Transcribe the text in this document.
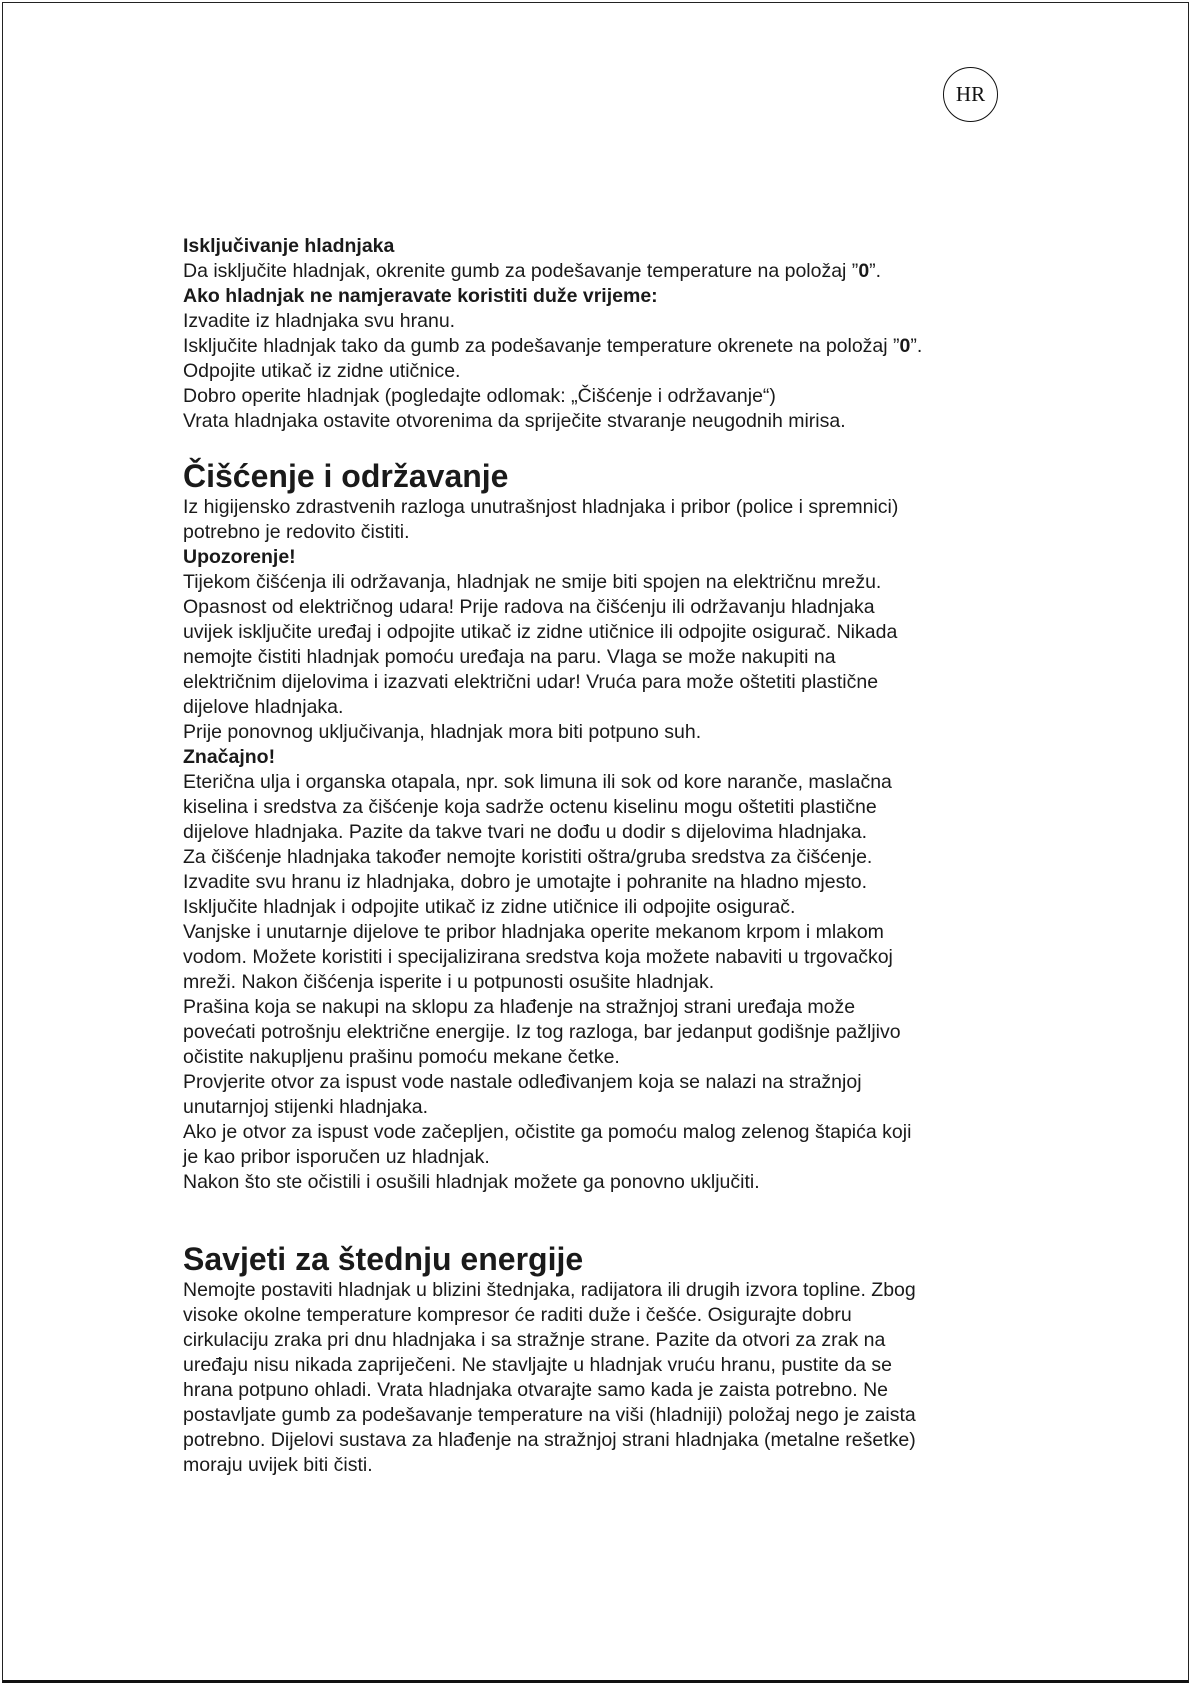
HR
Isključivanje hladnjaka
Da isključite hladnjak, okrenite gumb za podešavanje temperature na položaj ”0”.
Ako hladnjak ne namjeravate koristiti duže vrijeme:
Izvadite iz hladnjaka svu hranu.
Isključite hladnjak tako da gumb za podešavanje temperature okrenete na položaj ”0”.
Odpojite utikač iz zidne utičnice.
Dobro operite hladnjak (pogledajte odlomak: „Čišćenje i održavanje“)
Vrata hladnjaka ostavite otvorenima da spriječite stvaranje neugodnih mirisa.
Čišćenje i održavanje
Iz higijensko zdrastvenih razloga unutrašnjost hladnjaka i pribor (police i spremnici)
potrebno je redovito čistiti.
Upozorenje!
Tijekom čišćenja ili održavanja, hladnjak ne smije biti spojen na električnu mrežu.
Opasnost od električnog udara! Prije radova na čišćenju ili održavanju hladnjaka
uvijek isključite uređaj i odpojite utikač iz zidne utičnice ili odpojite osigurač. Nikada
nemojte čistiti hladnjak pomoću uređaja na paru. Vlaga se može nakupiti na
električnim dijelovima i izazvati električni udar! Vruća para može oštetiti plastične
dijelove hladnjaka.
Prije ponovnog uključivanja, hladnjak mora biti potpuno suh.
Značajno!
Eterična ulja i organska otapala, npr. sok limuna ili sok od kore naranče, maslačna
kiselina i sredstva za čišćenje koja sadrže octenu kiselinu mogu oštetiti plastične
dijelove hladnjaka. Pazite da takve tvari ne dođu u dodir s dijelovima hladnjaka.
Za čišćenje hladnjaka također nemojte koristiti oštra/gruba sredstva za čišćenje.
Izvadite svu hranu iz hladnjaka, dobro je umotajte i pohranite na hladno mjesto.
Isključite hladnjak i odpojite utikač iz zidne utičnice ili odpojite osigurač.
Vanjske i unutarnje dijelove te pribor hladnjaka operite mekanom krpom i mlakom
vodom. Možete koristiti i specijalizirana sredstva koja možete nabaviti u trgovačkoj
mreži. Nakon čišćenja isperite i u potpunosti osušite hladnjak.
Prašina koja se nakupi na sklopu za hlađenje na stražnjoj strani uređaja može
povećati potrošnju električne energije. Iz tog razloga, bar jedanput godišnje pažljivo
očistite nakupljenu prašinu pomoću mekane četke.
Provjerite otvor za ispust vode nastale odleđivanjem koja se nalazi na stražnjoj
unutarnjoj stijenki hladnjaka.
Ako je otvor za ispust vode začepljen, očistite ga pomoću malog zelenog štapića koji
je kao pribor isporučen uz hladnjak.
Nakon što ste očistili i osušili hladnjak možete ga ponovno uključiti.
Savjeti za štednju energije
Nemojte postaviti hladnjak u blizini štednjaka, radijatora ili drugih izvora topline. Zbog
visoke okolne temperature kompresor će raditi duže i češće. Osigurajte dobru
cirkulaciju zraka pri dnu hladnjaka i sa stražnje strane. Pazite da otvori za zrak na
uređaju nisu nikada zapriječeni. Ne stavljajte u hladnjak vruću hranu, pustite da se
hrana potpuno ohladi. Vrata hladnjaka otvarajte samo kada je zaista potrebno. Ne
postavljate gumb za podešavanje temperature na viši (hladniji) položaj nego je zaista
potrebno. Dijelovi sustava za hlađenje na stražnjoj strani hladnjaka (metalne rešetke)
moraju uvijek biti čisti.
